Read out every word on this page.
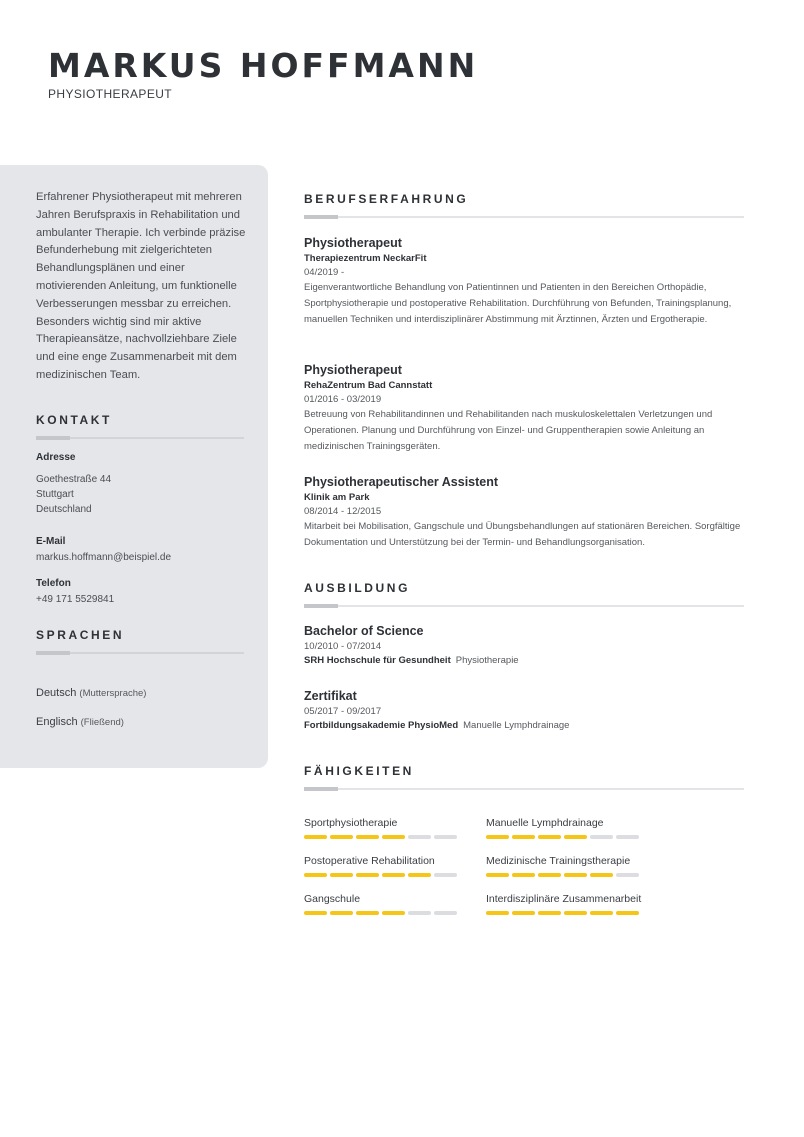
MARKUS HOFFMANN
PHYSIOTHERAPEUT
Erfahrener Physiotherapeut mit mehreren Jahren Berufspraxis in Rehabilitation und ambulanter Therapie. Ich verbinde präzise Befunderhebung mit zielgerichteten Behandlungsplänen und einer motivierenden Anleitung, um funktionelle Verbesserungen messbar zu erreichen. Besonders wichtig sind mir aktive Therapieansätze, nachvollziehbare Ziele und eine enge Zusammenarbeit mit dem medizinischen Team.
KONTAKT
Adresse
Goethestraße 44
Stuttgart
Deutschland
E-Mail
markus.hoffmann@beispiel.de
Telefon
+49 171 5529841
SPRACHEN
Deutsch (Muttersprache)
Englisch (Fließend)
BERUFSERFAHRUNG
Physiotherapeut
Therapiezentrum NeckarFit
04/2019 -
Eigenverantwortliche Behandlung von Patientinnen und Patienten in den Bereichen Orthopädie, Sportphysiotherapie und postoperative Rehabilitation. Durchführung von Befunden, Trainingsplanung, manuellen Techniken und interdisziplinärer Abstimmung mit Ärztinnen, Ärzten und Ergotherapie.
Physiotherapeut
RehaZentrum Bad Cannstatt
01/2016 - 03/2019
Betreuung von Rehabilitandinnen und Rehabilitanden nach muskuloskelettalen Verletzungen und Operationen. Planung und Durchführung von Einzel- und Gruppentherapien sowie Anleitung an medizinischen Trainingsgeräten.
Physiotherapeutischer Assistent
Klinik am Park
08/2014 - 12/2015
Mitarbeit bei Mobilisation, Gangschule und Übungsbehandlungen auf stationären Bereichen. Sorgfältige Dokumentation und Unterstützung bei der Termin- und Behandlungsorganisation.
AUSBILDUNG
Bachelor of Science
10/2010 - 07/2014
SRH Hochschule für Gesundheit Physiotherapie
Zertifikat
05/2017 - 09/2017
Fortbildungsakademie PhysioMed Manuelle Lymphdrainage
FÄHIGKEITEN
Sportphysiotherapie	Manuelle Lymphdrainage
Postoperative Rehabilitation	Medizinische Trainingstherapie
Gangschule	Interdisziplinäre Zusammenarbeit
